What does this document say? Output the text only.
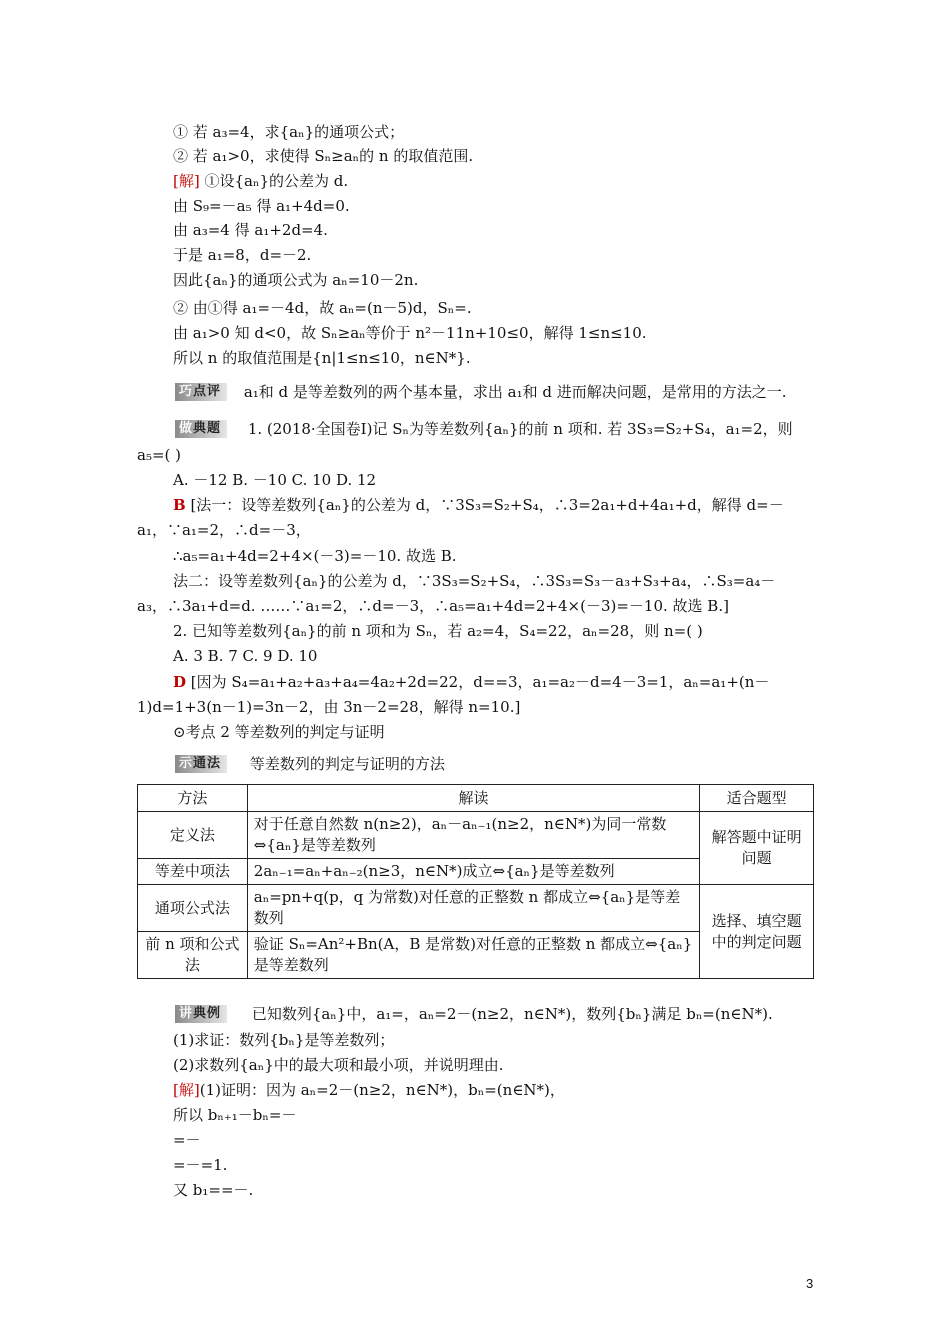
① 若 a₃=4，求{aₙ}的通项公式；
② 若 a₁>0，求使得 Sₙ≥aₙ的 n 的取值范围.
[解] ①设{aₙ}的公差为 d.
由 S₉=－a₅ 得 a₁+4d=0.
由 a₃=4 得 a₁+2d=4.
于是 a₁=8，d=－2.
因此{aₙ}的通项公式为 aₙ=10－2n.
② 由①得 a₁=－4d，故 aₙ=(n－5)d，Sₙ=.
由 a₁>0 知 d<0，故 Sₙ≥aₙ等价于 n²－11n+10≤0，解得 1≤n≤10.
所以 n 的取值范围是{n|1≤n≤10，n∈N*}.
巧点评 a₁和 d 是等差数列的两个基本量，求出 a₁和 d 进而解决问题，是常用的方法之一.
做典题 1. (2018·全国卷Ⅰ)记 Sₙ为等差数列{aₙ}的前 n 项和. 若 3S₃=S₂+S₄，a₁=2，则
a₅=( )
A. －12 B. －10 C. 10 D. 12
B [法一：设等差数列{aₙ}的公差为 d，∵3S₃=S₂+S₄，∴3=2a₁+d+4a₁+d，解得 d=－
a₁，∵a₁=2，∴d=－3，
∴a₅=a₁+4d=2+4×(－3)=－10. 故选 B.
法二：设等差数列{aₙ}的公差为 d，∵3S₃=S₂+S₄，∴3S₃=S₃－a₃+S₃+a₄，∴S₃=a₄－
a₃，∴3a₁+d=d. ……∵a₁=2，∴d=－3，∴a₅=a₁+4d=2+4×(－3)=－10. 故选 B.]
2. 已知等差数列{aₙ}的前 n 项和为 Sₙ，若 a₂=4，S₄=22，aₙ=28，则 n=( )
A. 3 B. 7 C. 9 D. 10
D [因为 S₄=a₁+a₂+a₃+a₄=4a₂+2d=22，d==3，a₁=a₂－d=4－3=1，aₙ=a₁+(n－
1)d=1+3(n－1)=3n－2，由 3n－2=28，解得 n=10.]
⊙考点 2 等差数列的判定与证明
示通法 等差数列的判定与证明的方法
方法	解读	适合题型
定义法	对于任意自然数 n(n≥2)，aₙ－aₙ₋₁(n≥2，n∈N*)为同一常数⇔{aₙ}是等差数列	解答题中证明问题
等差中项法	2aₙ₋₁=aₙ+aₙ₋₂(n≥3，n∈N*)成立⇔{aₙ}是等差数列	
通项公式法	aₙ=pn+q(p，q 为常数)对任意的正整数 n 都成立⇔{aₙ}是等差数列	选择、填空题中的判定问题
前 n 项和公式法	验证 Sₙ=An²+Bn(A，B 是常数)对任意的正整数 n 都成立⇔{aₙ}是等差数列	
讲典例 已知数列{aₙ}中，a₁=，aₙ=2－(n≥2，n∈N*)，数列{bₙ}满足 bₙ=(n∈N*).
(1)求证：数列{bₙ}是等差数列；
(2)求数列{aₙ}中的最大项和最小项，并说明理由.
[解](1)证明：因为 aₙ=2－(n≥2，n∈N*)，bₙ=(n∈N*)，
所以 bₙ₊₁－bₙ=－
=－
=－=1.
又 b₁==－.
3
